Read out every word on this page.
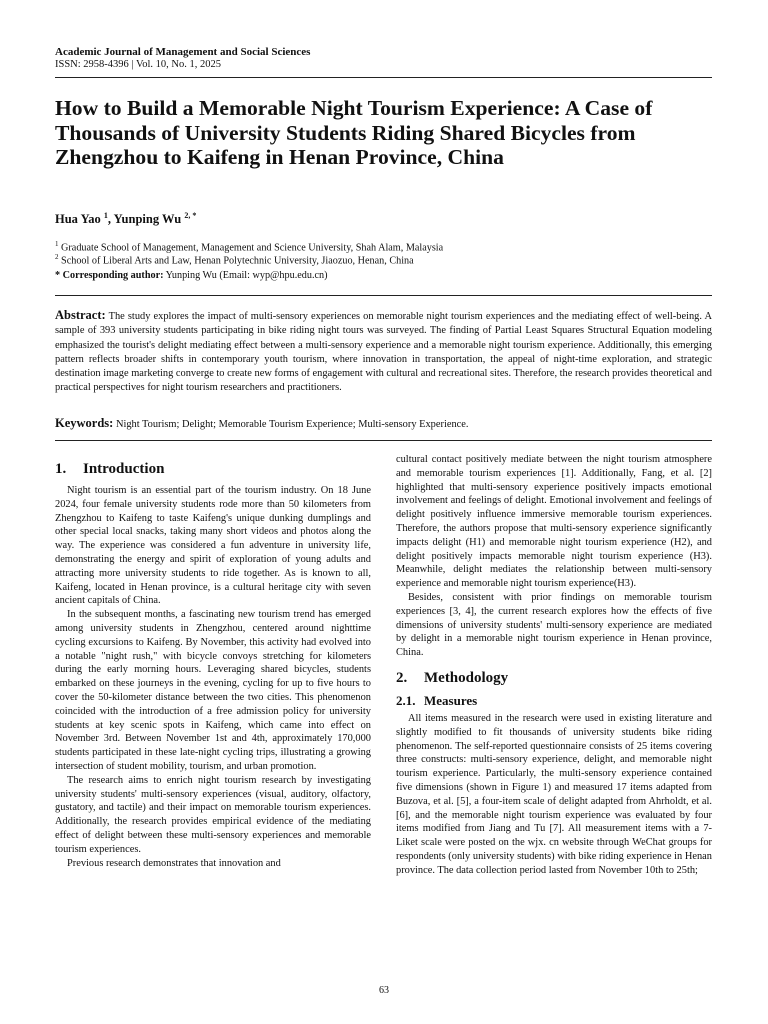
Academic Journal of Management and Social Sciences
ISSN: 2958-4396 | Vol. 10, No. 1, 2025
How to Build a Memorable Night Tourism Experience: A Case of Thousands of University Students Riding Shared Bicycles from Zhengzhou to Kaifeng in Henan Province, China
Hua Yao $^1$, Yunping Wu $^{2, *}$
$^1$ Graduate School of Management, Management and Science University, Shah Alam, Malaysia
$^2$ School of Liberal Arts and Law, Henan Polytechnic University, Jiaozuo, Henan, China
* Corresponding author: Yunping Wu (Email: wyp@hpu.edu.cn)

Abstract: The study explores the impact of multi-sensory experiences on memorable night tourism experiences and the mediating effect of well-being. A sample of 393 university students participating in bike riding night tours was surveyed. The finding of Partial Least Squares Structural Equation modeling emphasized the tourist's delight mediating effect between a multi-sensory experience and a memorable night tourism experience. Additionally, this emerging pattern reflects broader shifts in contemporary youth tourism, where innovation in transportation, the appeal of night-time exploration, and strategic destination image marketing converge to create new forms of engagement with cultural and recreational sites. Therefore, the research provides theoretical and practical perspectives for night tourism researchers and practitioners.

Keywords: Night Tourism; Delight; Memorable Tourism Experience; Multi-sensory Experience.
1. Introduction

Night tourism is an essential part of the tourism industry. On 18 June 2024, four female university students rode more than 50 kilometers from Zhengzhou to Kaifeng to taste Kaifeng's unique dunking dumplings and other special local snacks, taking many short videos and photos along the way. The experience was considered a fun adventure in university life, demonstrating the energy and spirit of exploration of young adults and attracting more university students to ride together. As is known to all, Kaifeng, located in Henan province, is a cultural heritage city with seven ancient capitals of China.

In the subsequent months, a fascinating new tourism trend has emerged among university students in Zhengzhou, centered around nighttime cycling excursions to Kaifeng. By November, this activity had evolved into a notable "night rush," with bicycle convoys stretching for kilometers during the early morning hours. Leveraging shared bicycles, students embarked on these journeys in the evening, cycling for up to five hours to cover the 50-kilometer distance between the two cities. This phenomenon coincided with the introduction of a free admission policy for university students at key scenic spots in Kaifeng, which came into effect on November 3rd. Between November 1st and 4th, approximately 170,000 students participated in these late-night cycling trips, illustrating a growing intersection of student mobility, tourism, and urban promotion.

The research aims to enrich night tourism research by investigating university students' multi-sensory experiences (visual, auditory, olfactory, gustatory, and tactile) and their impact on memorable tourism experiences. Additionally, the research provides empirical evidence of the mediating effect of delight between these multi-sensory experiences and memorable tourism experiences.

Previous research demonstrates that innovation and

cultural contact positively mediate between the night tourism atmosphere and memorable tourism experiences [1]. Additionally, Fang, et al. [2] highlighted that multi-sensory experience positively impacts emotional involvement and feelings of delight. Emotional involvement and feelings of delight positively influence immersive memorable tourism experiences. Therefore, the authors propose that multi-sensory experience significantly impacts delight (H1) and memorable night tourism experience (H2), and delight positively impacts memorable night tourism experience (H3). Meanwhile, delight mediates the relationship between multi-sensory experience and memorable night tourism experience(H3).

Besides, consistent with prior findings on memorable tourism experiences [3, 4], the current research explores how the effects of five dimensions of university students' multi-sensory experience are mediated by delight in a memorable night tourism experience in Henan province, China.

2. Methodology
2.1. Measures

All items measured in the research were used in existing literature and slightly modified to fit thousands of university students bike riding phenomenon. The self-reported questionnaire consists of 25 items covering three constructs: multi-sensory experience, delight, and memorable night tourism experience. Particularly, the multi-sensory experience contained five dimensions (shown in Figure 1) and measured 17 items adapted from Buzova, et al. [5], a four-item scale of delight adapted from Ahrholdt, et al. [6], and the memorable night tourism experience was evaluated by four items modified from Jiang and Tu [7]. All measurement items with a 7-Liket scale were posted on the wjx. cn website through WeChat groups for respondents (only university students) with bike riding experience in Henan province. The data collection period lasted from November 10th to 25th;

63
